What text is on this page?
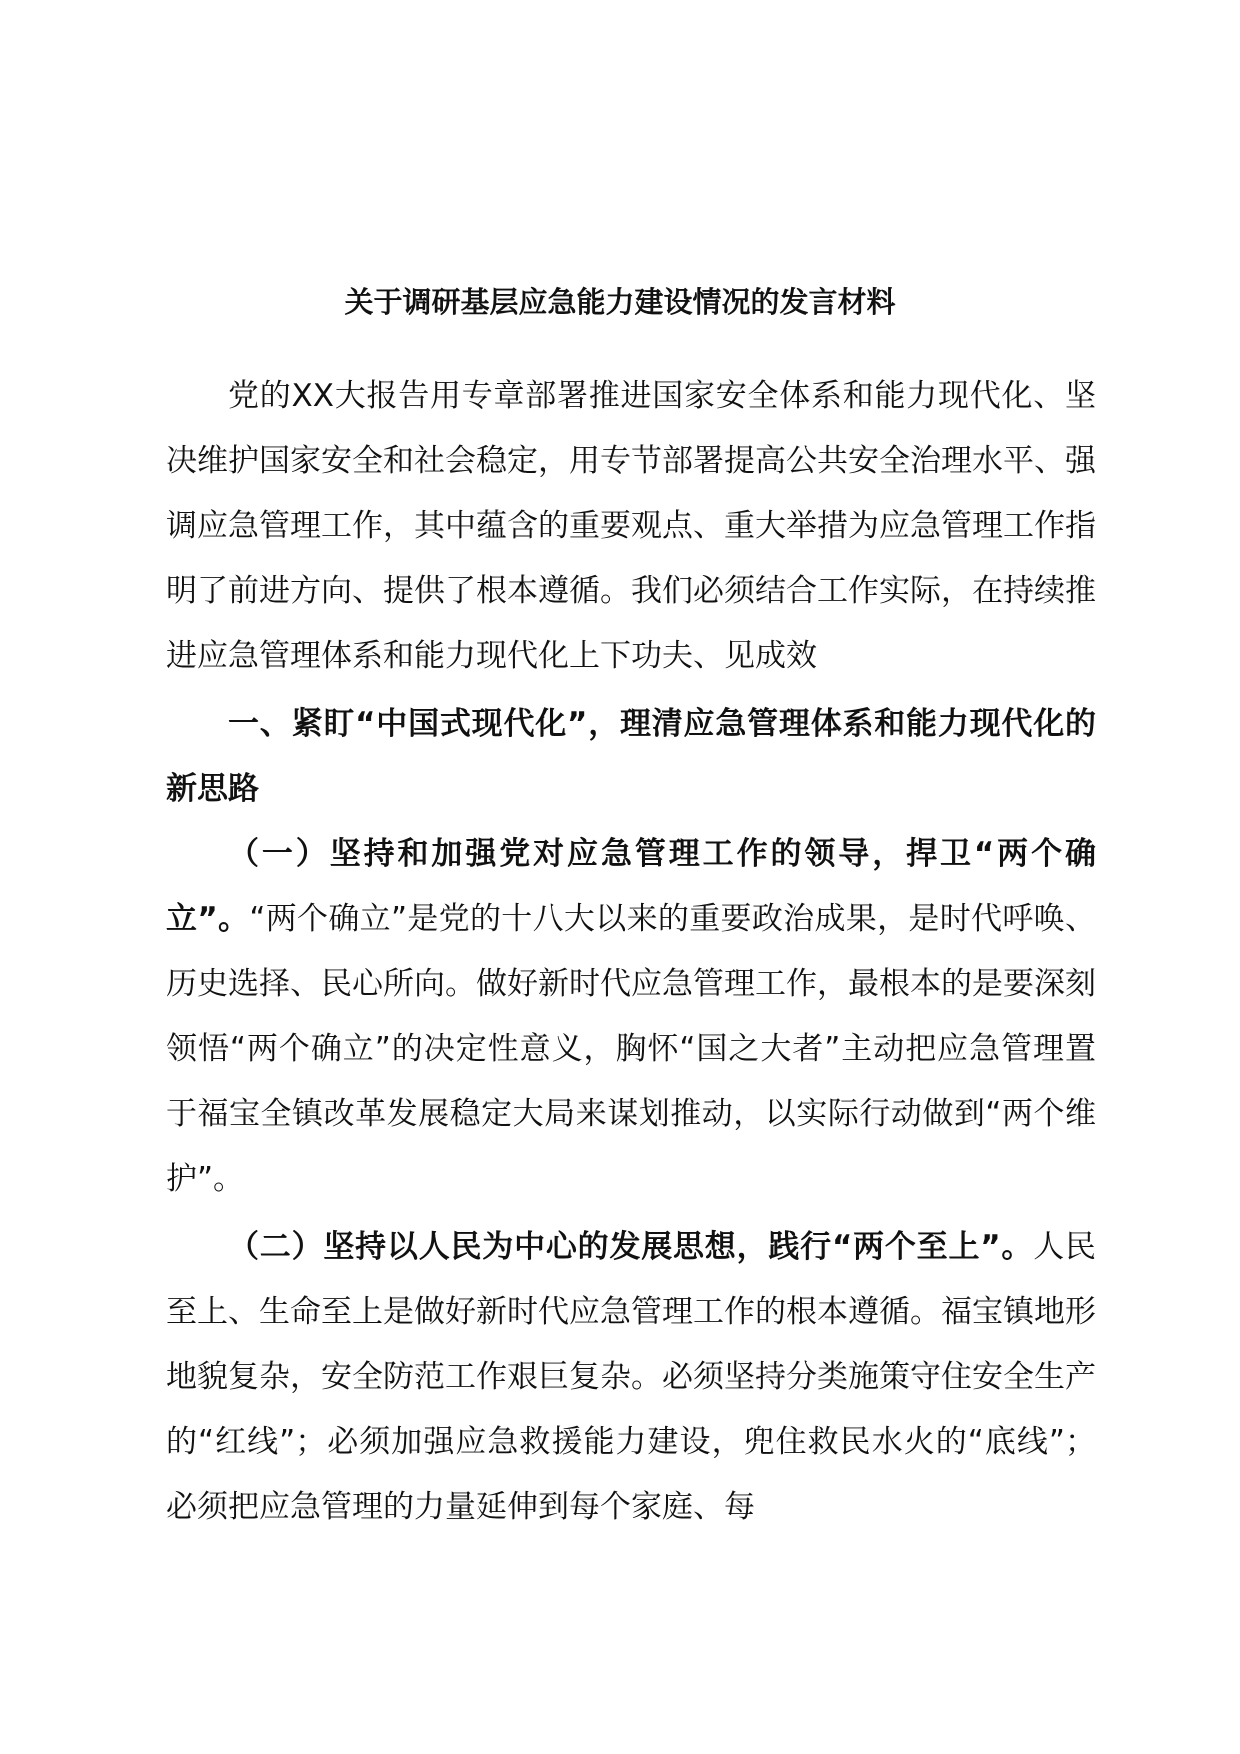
关于调研基层应急能力建设情况的发言材料
党的XX大报告用专章部署推进国家安全体系和能力现代化、坚决维护国家安全和社会稳定，用专节部署提高公共安全治理水平、强调应急管理工作，其中蕴含的重要观点、重大举措为应急管理工作指明了前进方向、提供了根本遵循。我们必须结合工作实际，在持续推进应急管理体系和能力现代化上下功夫、见成效
一、紧盯“中国式现代化”，理清应急管理体系和能力现代化的新思路
（一）坚持和加强党对应急管理工作的领导，捍卫“两个确立”。“两个确立”是党的十八大以来的重要政治成果，是时代呼唤、历史选择、民心所向。做好新时代应急管理工作，最根本的是要深刻领悟“两个确立”的决定性意义，胸怀“国之大者”主动把应急管理置于福宝全镇改革发展稳定大局来谋划推动，以实际行动做到“两个维护”。
（二）坚持以人民为中心的发展思想，践行“两个至上”。人民至上、生命至上是做好新时代应急管理工作的根本遵循。福宝镇地形地貌复杂，安全防范工作艰巨复杂。必须坚持分类施策守住安全生产的“红线”；必须加强应急救援能力建设，兜住救民水火的“底线”；必须把应急管理的力量延伸到每个家庭、每
